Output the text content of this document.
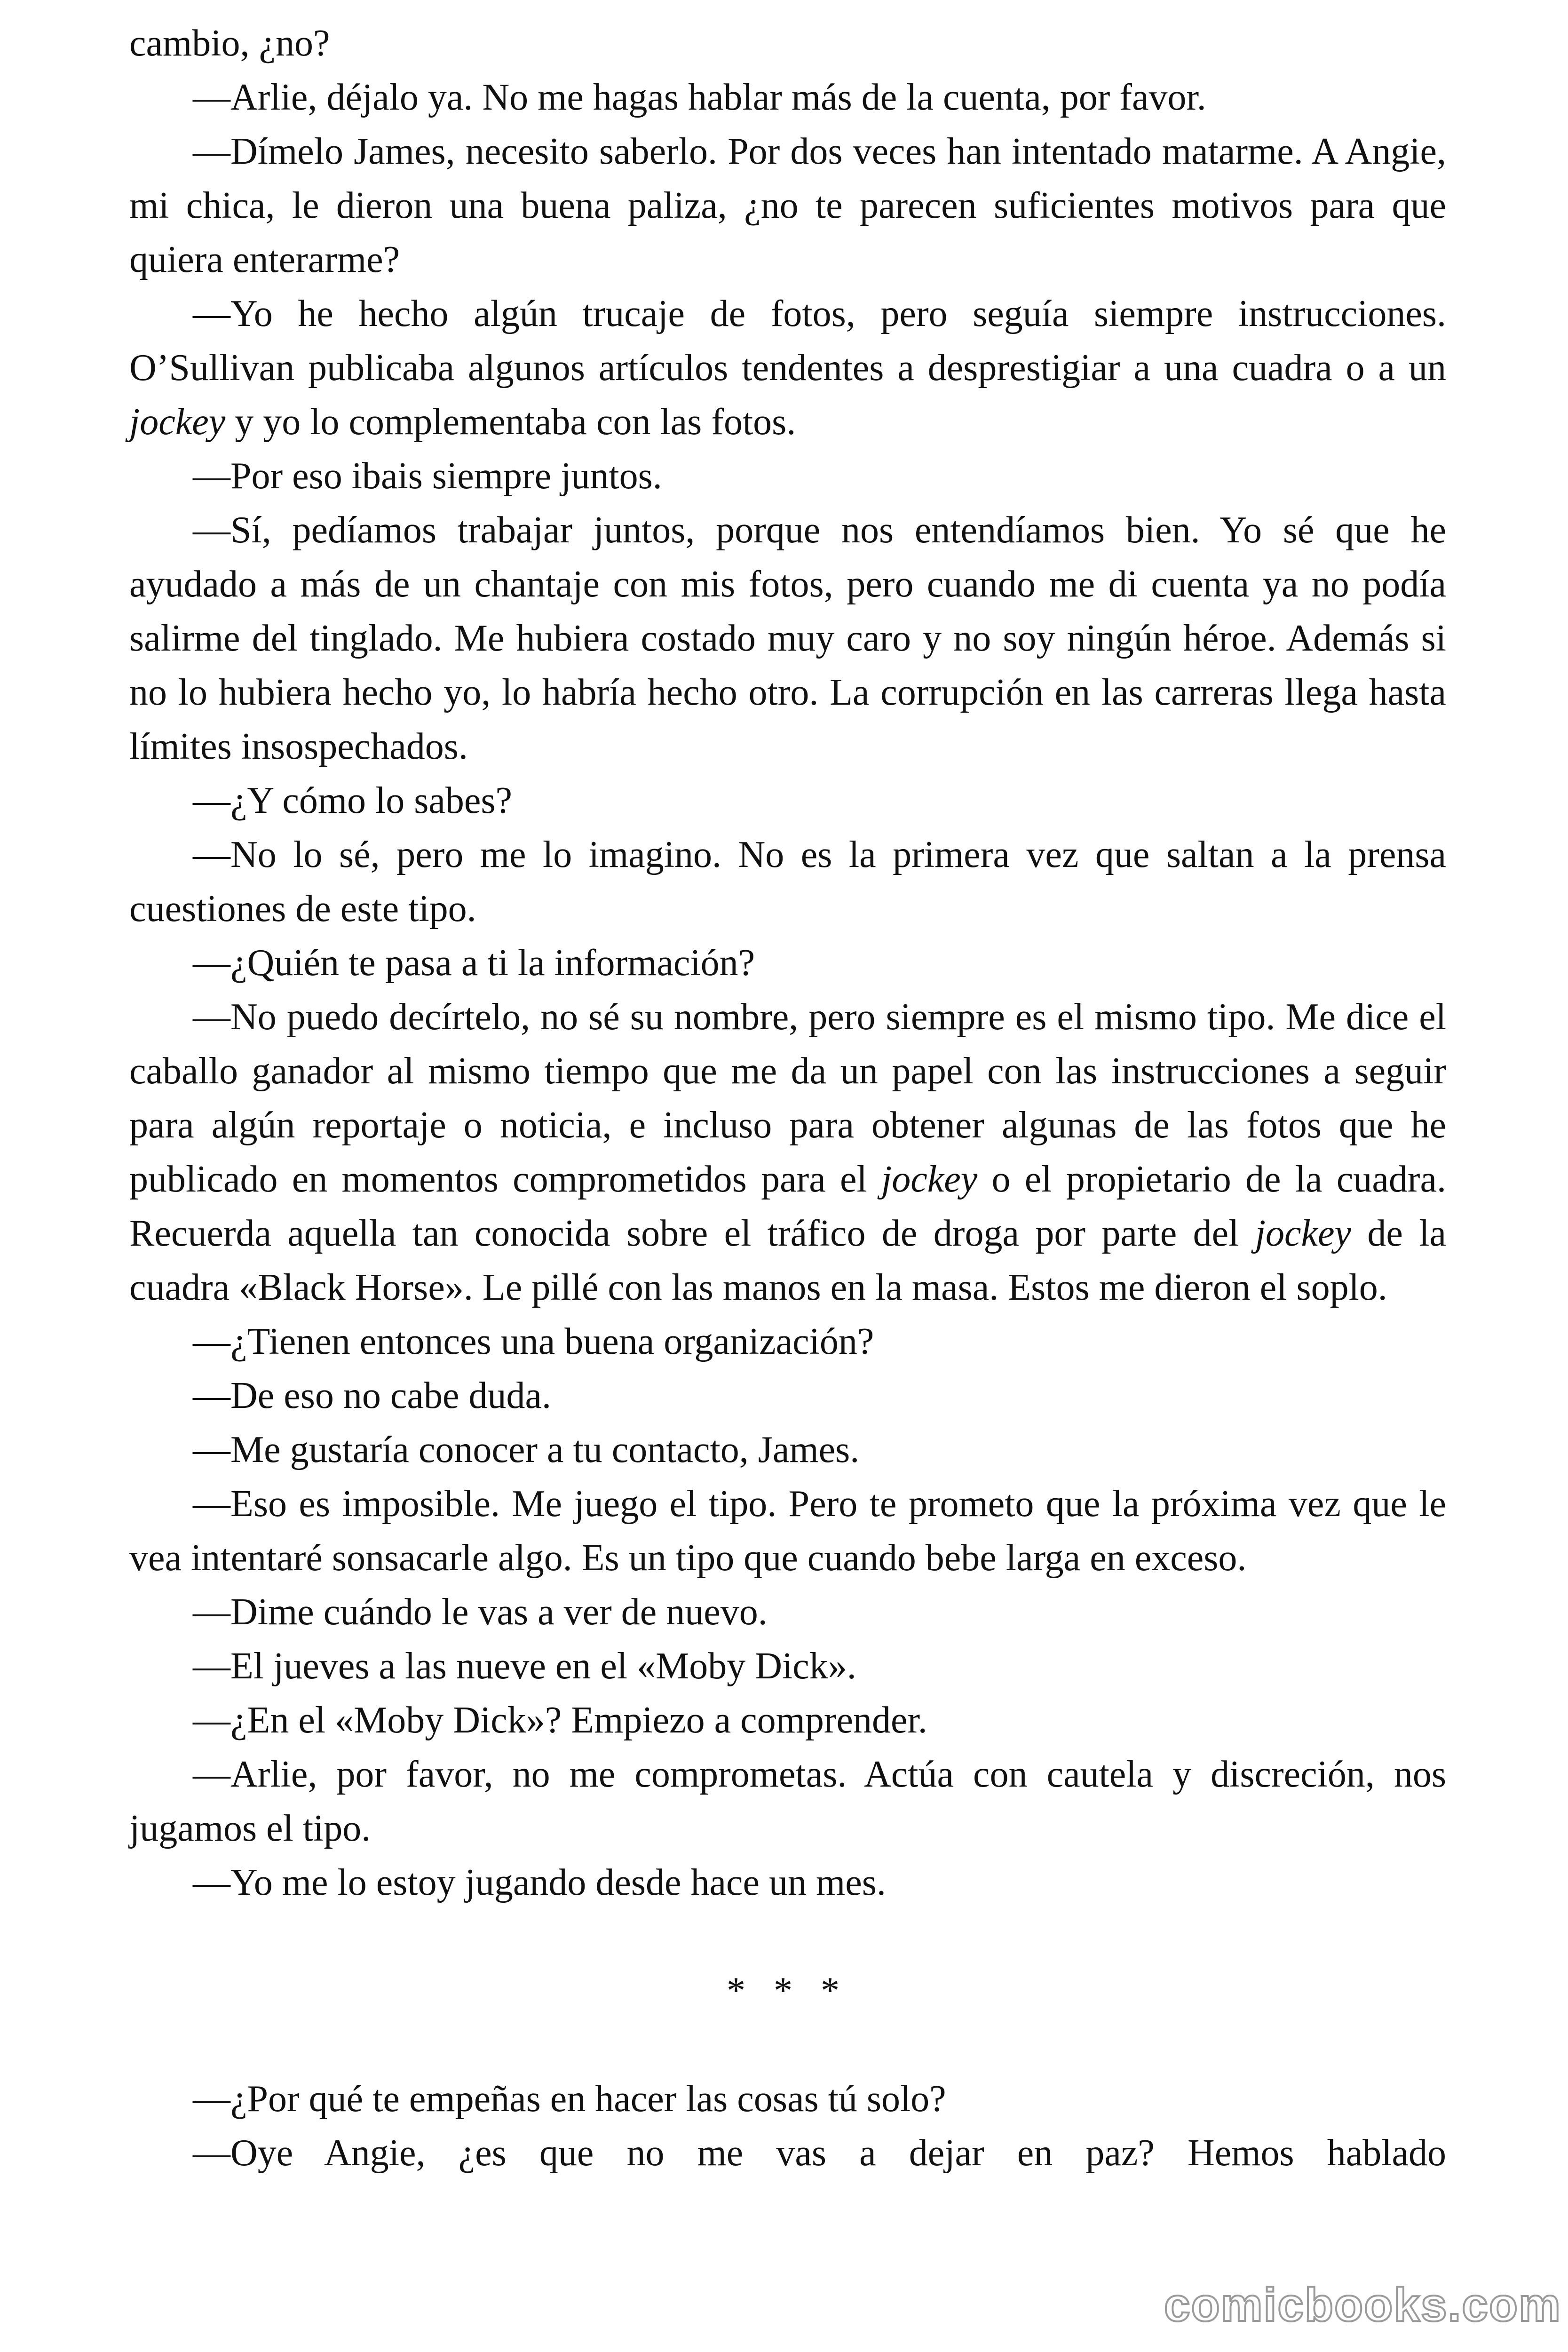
cambio, ¿no?

—Arlie, déjalo ya. No me hagas hablar más de la cuenta, por favor.

—Dímelo James, necesito saberlo. Por dos veces han intentado matarme. A Angie, mi chica, le dieron una buena paliza, ¿no te parecen suficientes motivos para que quiera enterarme?

—Yo he hecho algún trucaje de fotos, pero seguía siempre instrucciones. O’Sullivan publicaba algunos artículos tendentes a desprestigiar a una cuadra o a un jockey y yo lo complementaba con las fotos.

—Por eso ibais siempre juntos.

—Sí, pedíamos trabajar juntos, porque nos entendíamos bien. Yo sé que he ayudado a más de un chantaje con mis fotos, pero cuando me di cuenta ya no podía salirme del tinglado. Me hubiera costado muy caro y no soy ningún héroe. Además si no lo hubiera hecho yo, lo habría hecho otro. La corrupción en las carreras llega hasta límites insospechados.

—¿Y cómo lo sabes?

—No lo sé, pero me lo imagino. No es la primera vez que saltan a la prensa cuestiones de este tipo.

—¿Quién te pasa a ti la información?

—No puedo decírtelo, no sé su nombre, pero siempre es el mismo tipo. Me dice el caballo ganador al mismo tiempo que me da un papel con las instrucciones a seguir para algún reportaje o noticia, e incluso para obtener algunas de las fotos que he publicado en momentos comprometidos para el jockey o el propietario de la cuadra. Recuerda aquella tan conocida sobre el tráfico de droga por parte del jockey de la cuadra «Black Horse». Le pillé con las manos en la masa. Estos me dieron el soplo.

—¿Tienen entonces una buena organización?

—De eso no cabe duda.

—Me gustaría conocer a tu contacto, James.

—Eso es imposible. Me juego el tipo. Pero te prometo que la próxima vez que le vea intentaré sonsacarle algo. Es un tipo que cuando bebe larga en exceso.

—Dime cuándo le vas a ver de nuevo.

—El jueves a las nueve en el «Moby Dick».

—¿En el «Moby Dick»? Empiezo a comprender.

—Arlie, por favor, no me comprometas. Actúa con cautela y discreción, nos jugamos el tipo.

—Yo me lo estoy jugando desde hace un mes.

* * *

—¿Por qué te empeñas en hacer las cosas tú solo?

—Oye Angie, ¿es que no me vas a dejar en paz? Hemos hablado

comicbooks.com
